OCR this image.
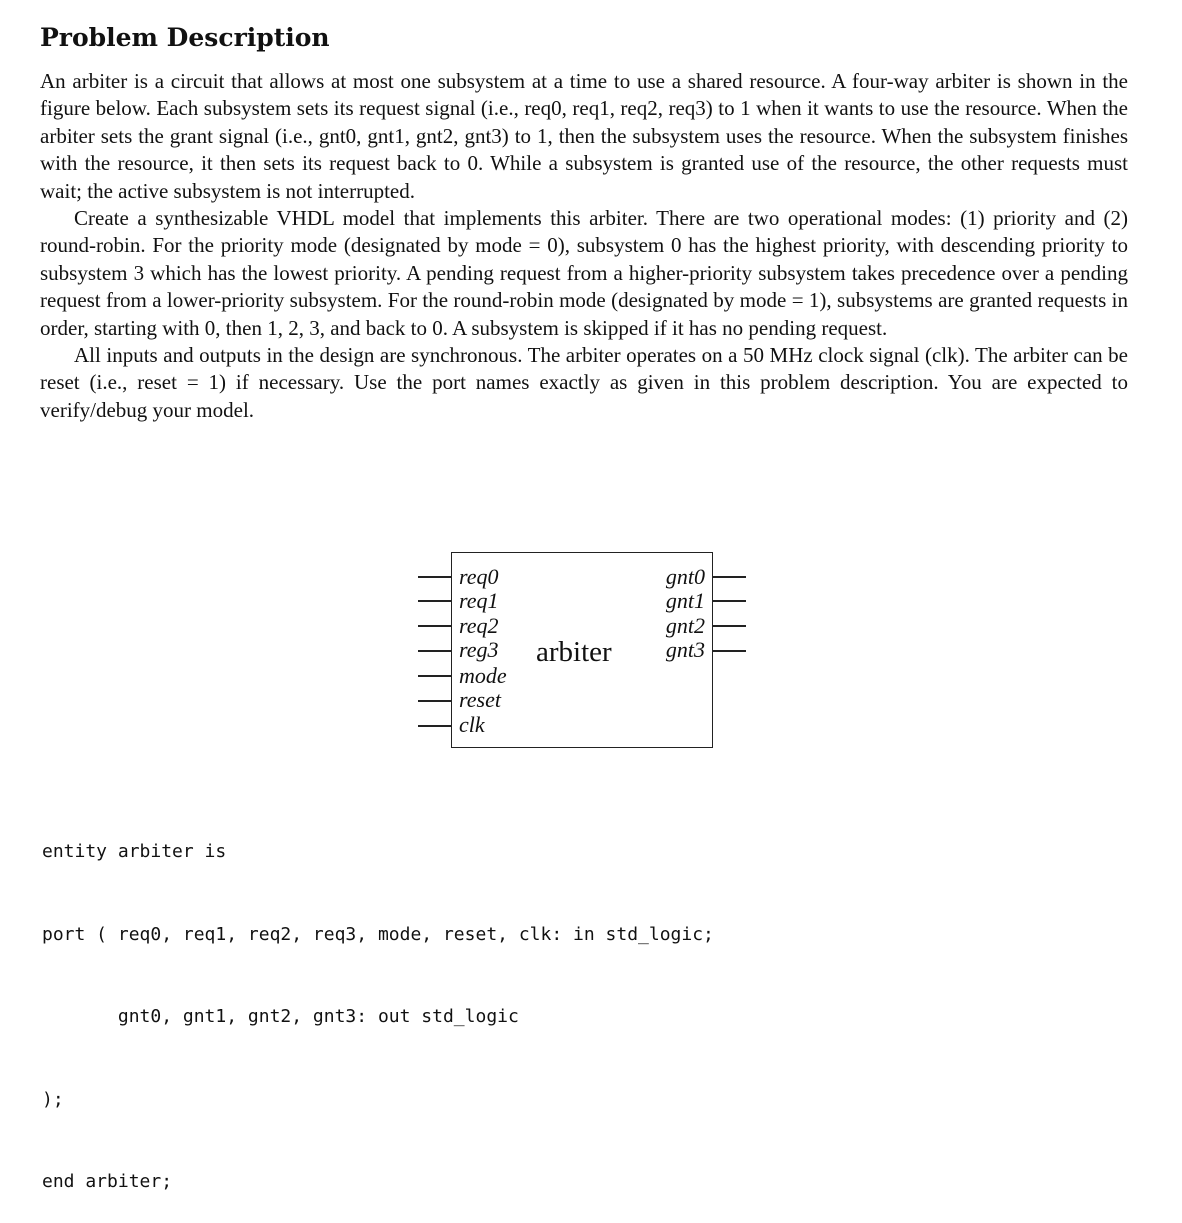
Problem Description

An arbiter is a circuit that allows at most one subsystem at a time to use a shared resource. A four-way arbiter is shown in the figure below. Each subsystem sets its request signal (i.e., req0, req1, req2, req3) to 1 when it wants to use the resource. When the arbiter sets the grant signal (i.e., gnt0, gnt1, gnt2, gnt3) to 1, then the subsystem uses the resource. When the subsystem finishes with the resource, it then sets its request back to 0. While a subsystem is granted use of the resource, the other requests must wait; the active subsystem is not interrupted.

Create a synthesizable VHDL model that implements this arbiter. There are two operational modes: (1) priority and (2) round-robin. For the priority mode (designated by mode = 0), subsystem 0 has the highest priority, with descending priority to subsystem 3 which has the lowest priority. A pending request from a higher-priority subsystem takes precedence over a pending request from a lower-priority subsystem. For the round-robin mode (designated by mode = 1), subsystems are granted requests in order, starting with 0, then 1, 2, 3, and back to 0. A subsystem is skipped if it has no pending request.

All inputs and outputs in the design are synchronous. The arbiter operates on a 50 MHz clock signal (clk). The arbiter can be reset (i.e., reset = 1) if necessary. Use the port names exactly as given in this problem description. You are expected to verify/debug your model.

arbiter
req0
req1
req2
reg3
mode
reset
clk
gnt0
gnt1
gnt2
gnt3

entity arbiter is

port ( req0, req1, req2, req3, mode, reset, clk: in std_logic;

gnt0, gnt1, gnt2, gnt3: out std_logic

);

end arbiter;
